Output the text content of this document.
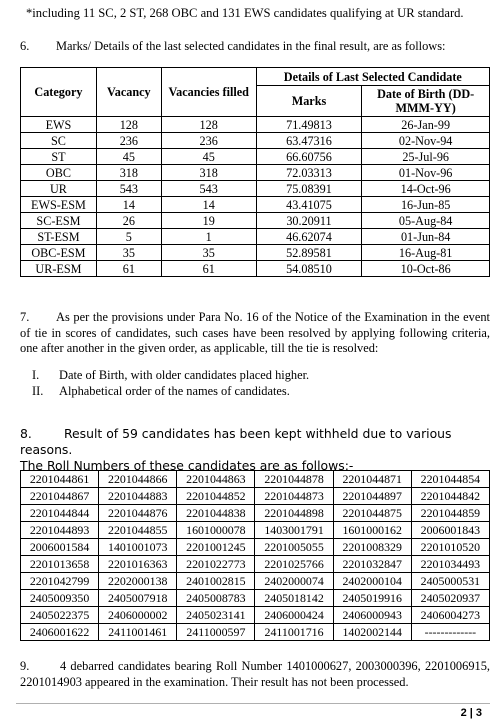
*including 11 SC, 2 ST, 268 OBC and 131 EWS candidates qualifying at UR standard.

6. Marks/ Details of the last selected candidates in the final result, are as follows:

Category	Vacancy	Vacancies filled	Details of Last Selected Candidate	
			Marks	Date of Birth (DD-MMM-YY)
EWS	128	128	71.49813	26-Jan-99
SC	236	236	63.47316	02-Nov-94
ST	45	45	66.60756	25-Jul-96
OBC	318	318	72.03313	01-Nov-96
UR	543	543	75.08391	14-Oct-96
EWS-ESM	14	14	43.41075	16-Jun-85
SC-ESM	26	19	30.20911	05-Aug-84
ST-ESM	5	1	46.62074	01-Jun-84
OBC-ESM	35	35	52.89581	16-Aug-81
UR-ESM	61	61	54.08510	10-Oct-86

7. As per the provisions under Para No. 16 of the Notice of the Examination in the event of tie in scores of candidates, such cases have been resolved by applying following criteria, one after another in the given order, as applicable, till the tie is resolved:

I. Date of Birth, with older candidates placed higher.
II. Alphabetical order of the names of candidates.
8.	Result of 59 candidates has been kept withheld due to various reasons.
The Roll Numbers of these candidates are as follows:-
2201044861	2201044866	2201044863	2201044878	2201044871	2201044854
2201044867	2201044883	2201044852	2201044873	2201044897	2201044842
2201044844	2201044876	2201044838	2201044898	2201044875	2201044859
2201044893	2201044855	1601000078	1403001791	1601000162	2006001843
2006001584	1401001073	2201001245	2201005055	2201008329	2201010520
2201013658	2201016363	2201022773	2201025766	2201032847	2201034493
2201042799	2202000138	2401002815	2402000074	2402000104	2405000531
2405009350	2405007918	2405008783	2405018142	2405019916	2405020937
2405022375	2406000002	2405023141	2406000424	2406000943	2406004273
2406001622	2411001461	2411000597	2411001716	1402002144	-------------

9. 4 debarred candidates bearing Roll Number 1401000627, 2003000396, 2201006915, 2201014903 appeared in the examination. Their result has not been processed.

2 | 3
